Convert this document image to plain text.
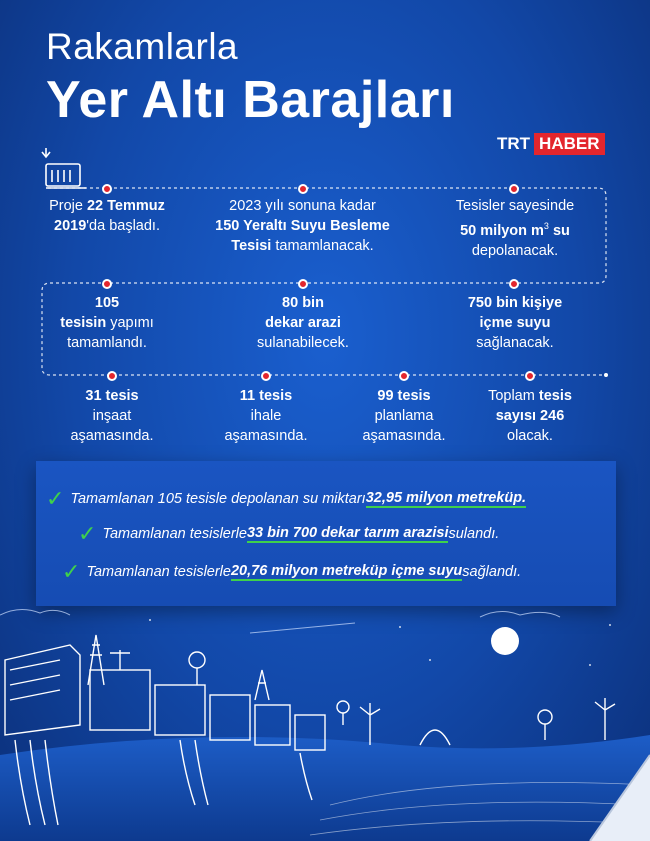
Rakamlarla
Yer Altı Barajları
TRT HABER
Proje 22 Temmuz
2019'da başladı.
2023 yılı sonuna kadar
150 Yeraltı Suyu Besleme
Tesisi tamamlanacak.
Tesisler sayesinde
50 milyon $m^3$ su
depolanacak.
105
tesisin yapımı
tamamlandı.
80 bin
dekar arazi
sulanabilecek.
750 bin kişiye
içme suyu
sağlanacak.
31 tesis
inşaat
aşamasında.
11 tesis
ihale
aşamasında.
99 tesis
planlama
aşamasında.
Toplam tesis
sayısı 246
olacak.
✓ Tamamlanan 105 tesisle depolanan su miktarı 32,95 milyon metreküp.
✓ Tamamlanan tesislerle 33 bin 700 dekar tarım arazisi sulandı.
✓ Tamamlanan tesislerle 20,76 milyon metreküp içme suyu sağlandı.
